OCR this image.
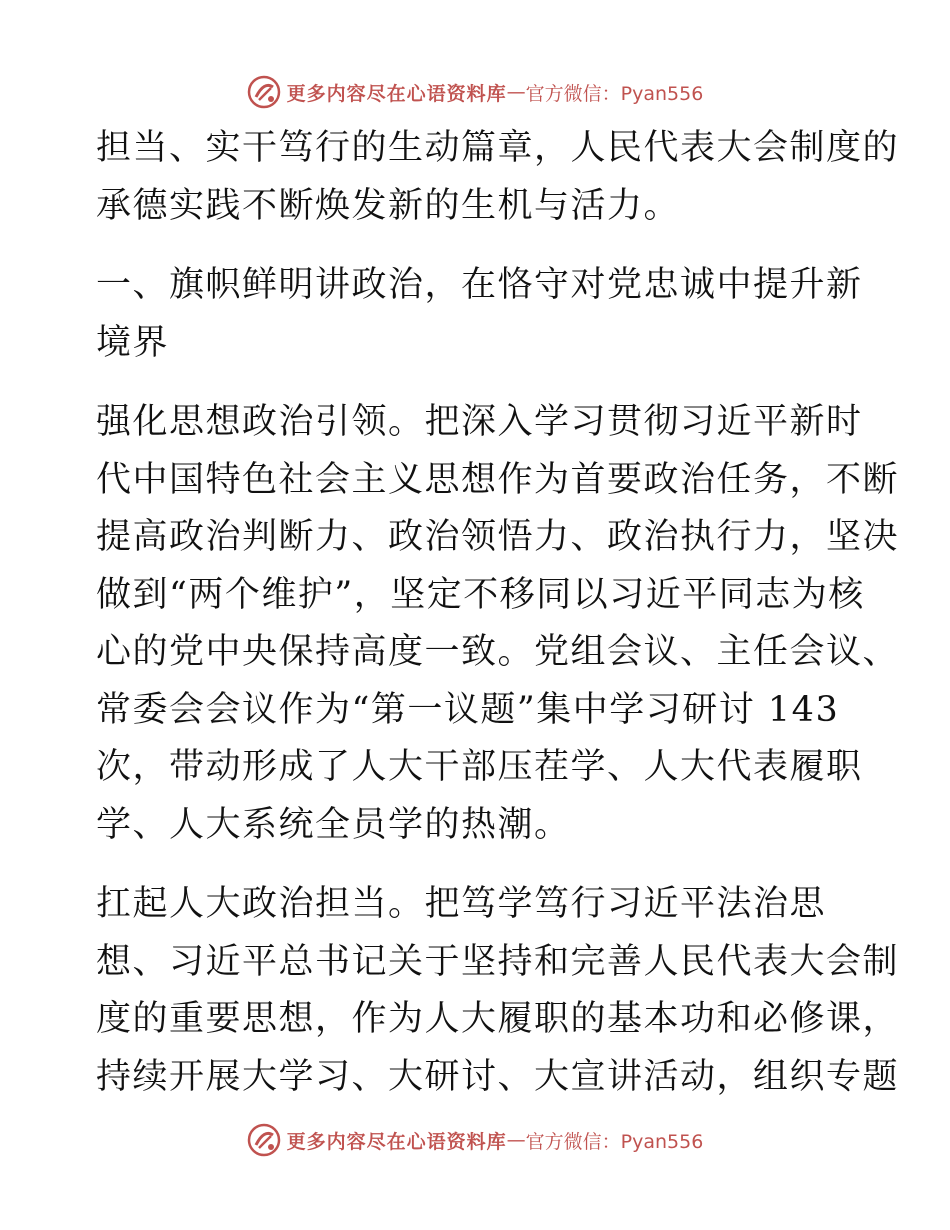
更多内容尽在心语资料库 — 官方微信：Pyan556
担当、实干笃行的生动篇章，人民代表大会制度的
承德实践不断焕发新的生机与活力。
一、旗帜鲜明讲政治，在恪守对党忠诚中提升新
境界
强化思想政治引领。把深入学习贯彻习近平新时
代中国特色社会主义思想作为首要政治任务，不断
提高政治判断力、政治领悟力、政治执行力，坚决
做到“两个维护”，坚定不移同以习近平同志为核
心的党中央保持高度一致。党组会议、主任会议、
常委会会议作为“第一议题”集中学习研讨 143
次，带动形成了人大干部压茬学、人大代表履职
学、人大系统全员学的热潮。
扛起人大政治担当。把笃学笃行习近平法治思
想、习近平总书记关于坚持和完善人民代表大会制
度的重要思想，作为人大履职的基本功和必修课，
持续开展大学习、大研讨、大宣讲活动，组织专题
更多内容尽在心语资料库 — 官方微信：Pyan556
